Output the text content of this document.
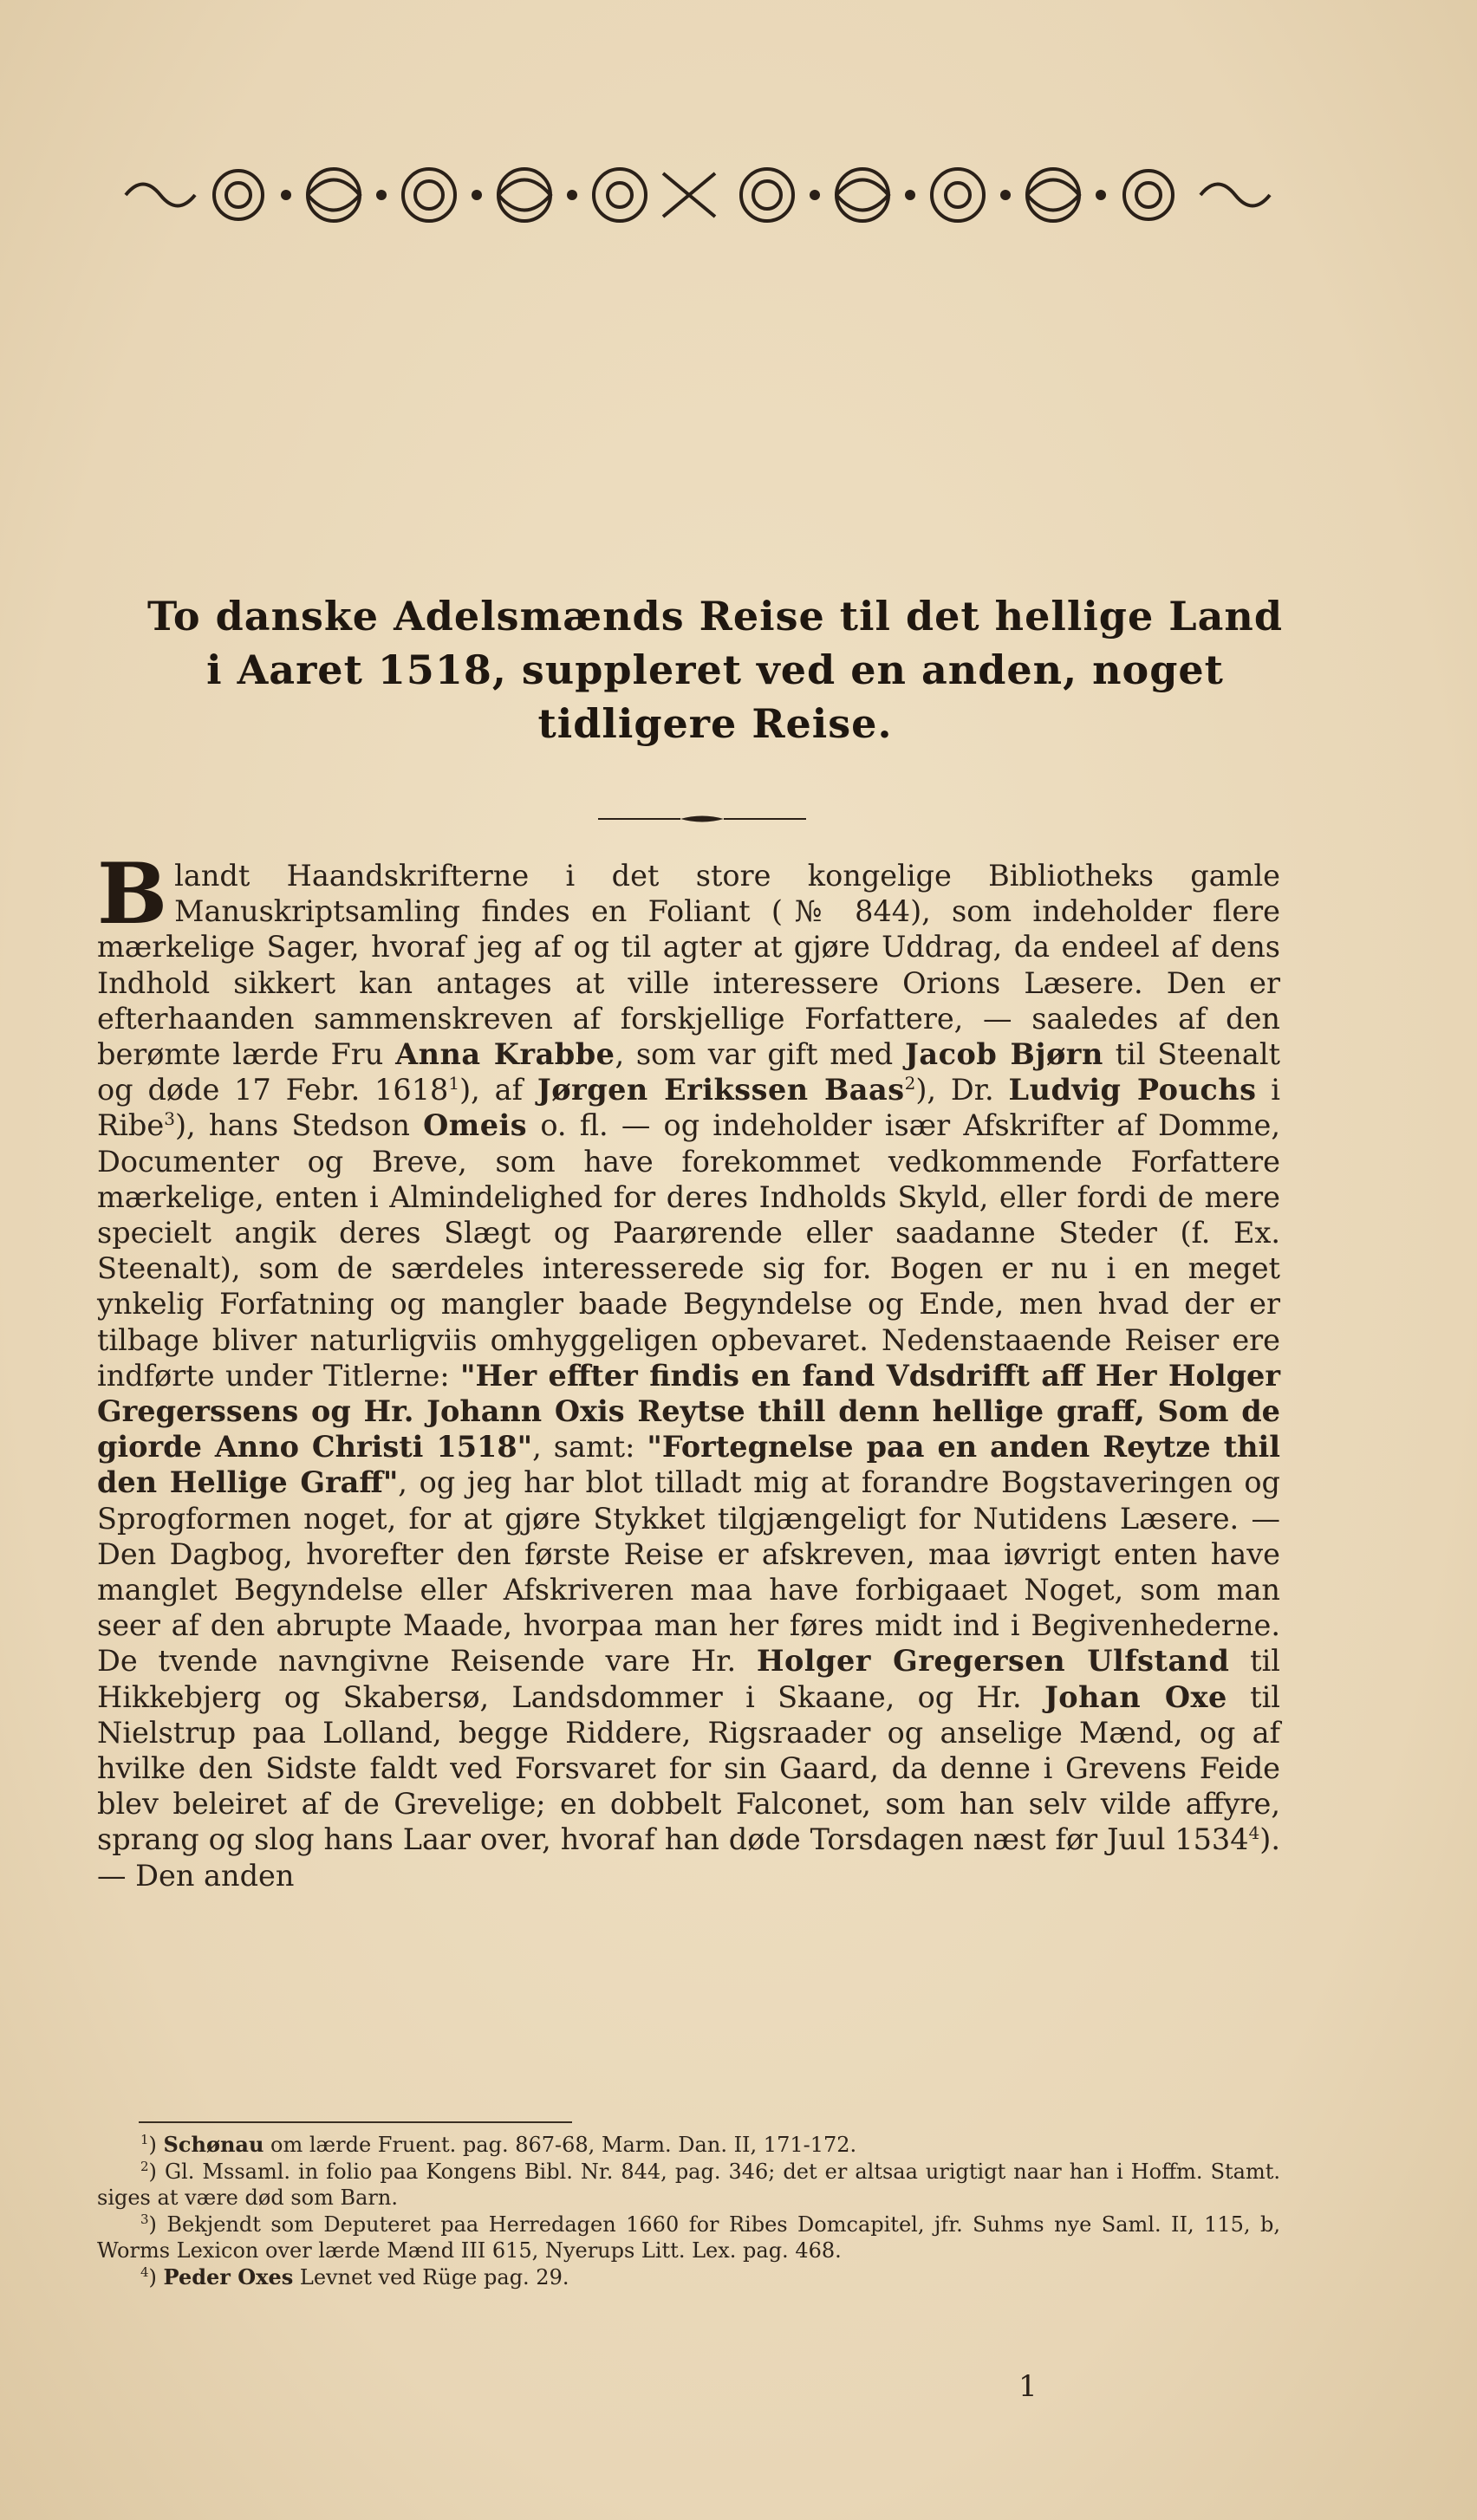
To danske Adelsmænds Reise til det hellige Land
i Aaret 1518, suppleret ved en anden, noget
tidligere Reise.
Blandt Haandskrifterne i det store kongelige Bibliotheks gamle Manuskriptsamling findes en Foliant (№ 844), som indeholder flere mærkelige Sager, hvoraf jeg af og til agter at gjøre Uddrag, da endeel af dens Indhold sikkert kan antages at ville interessere Orions Læsere. Den er efterhaanden sammenskreven af forskjellige Forfattere, — saaledes af den berømte lærde Fru Anna Krabbe, som var gift med Jacob Bjørn til Steenalt og døde 17 Febr. 1618$^1$), af Jørgen Erikssen Baas$^2$), Dr. Ludvig Pouchs i Ribe$^3$), hans Stedson Omeis o. fl. — og indeholder især Afskrifter af Domme, Documenter og Breve, som have forekommet vedkommende Forfattere mærkelige, enten i Almindelighed for deres Indholds Skyld, eller fordi de mere specielt angik deres Slægt og Paarørende eller saadanne Steder (f. Ex. Steenalt), som de særdeles interesserede sig for. Bogen er nu i en meget ynkelig Forfatning og mangler baade Begyndelse og Ende, men hvad der er tilbage bliver naturligviis omhyggeligen opbevaret. Nedenstaaende Reiser ere indførte under Titlerne: "Her effter findis en fand Vdsdrifft aff Her Holger Gregerssens og Hr. Johann Oxis Reytse thill denn hellige graff, Som de giorde Anno Christi 1518", samt: "Fortegnelse paa en anden Reytze thil den Hellige Graff", og jeg har blot tilladt mig at forandre Bogstaveringen og Sprogformen noget, for at gjøre Stykket tilgjængeligt for Nutidens Læsere. — Den Dagbog, hvorefter den første Reise er afskreven, maa iøvrigt enten have manglet Begyndelse eller Afskriveren maa have forbigaaet Noget, som man seer af den abrupte Maade, hvorpaa man her føres midt ind i Begivenhederne. De tvende navngivne Reisende vare Hr. Holger Gregersen Ulfstand til Hikkebjerg og Skabersø, Landsdommer i Skaane, og Hr. Johan Oxe til Nielstrup paa Lolland, begge Riddere, Rigsraader og anselige Mænd, og af hvilke den Sidste faldt ved Forsvaret for sin Gaard, da denne i Grevens Feide blev beleiret af de Grevelige; en dobbelt Falconet, som han selv vilde affyre, sprang og slog hans Laar over, hvoraf han døde Torsdagen næst før Juul 1534$^4$). — Den anden

$^1$) Schønau om lærde Fruent. pag. 867-68, Marm. Dan. II, 171-172.

$^2$) Gl. Mssaml. in folio paa Kongens Bibl. Nr. 844, pag. 346; det er altsaa urigtigt naar han i Hoffm. Stamt. siges at være død som Barn.

$^3$) Bekjendt som Deputeret paa Herredagen 1660 for Ribes Domcapitel, jfr. Suhms nye Saml. II, 115, b, Worms Lexicon over lærde Mænd III 615, Nyerups Litt. Lex. pag. 468.

$^4$) Peder Oxes Levnet ved Rüge pag. 29.

1
